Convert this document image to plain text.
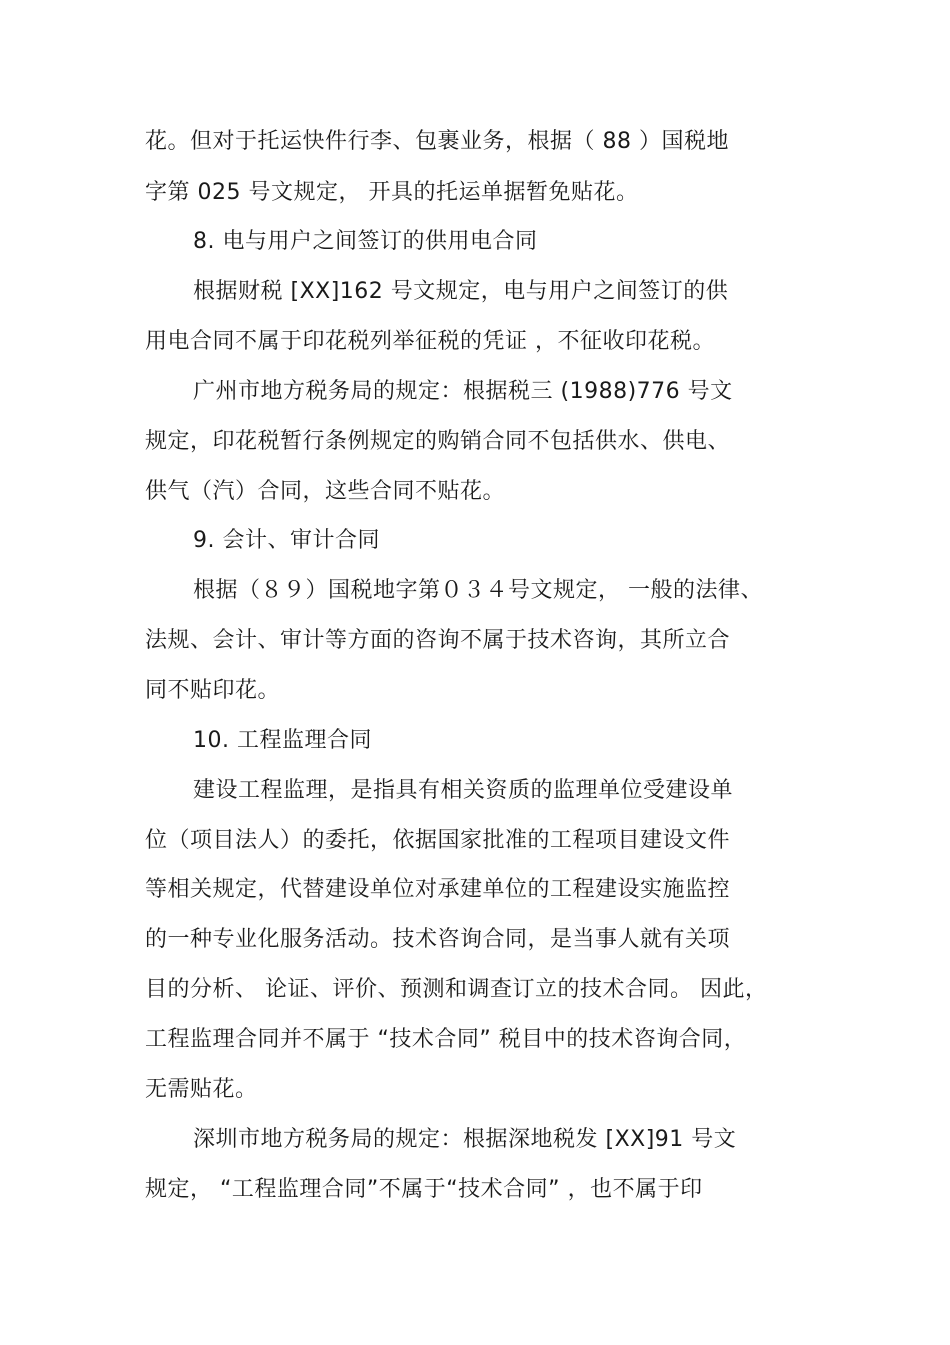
花。但对于托运快件行李、包裹业务，根据（ 88 ）国税地
字第 025 号文规定， 开具的托运单据暂免贴花。
8. 电与用户之间签订的供用电合同
根据财税 [XX]162 号文规定，电与用户之间签订的供
用电合同不属于印花税列举征税的凭证 ，不征收印花税。
广州市地方税务局的规定：根据税三 (1988)776 号文
规定，印花税暂行条例规定的购销合同不包括供水、供电、
供气（汽）合同，这些合同不贴花。
9. 会计、审计合同
根据（８９）国税地字第０３４号文规定， 一般的法律、
法规、会计、审计等方面的咨询不属于技术咨询，其所立合
同不贴印花。
10. 工程监理合同
建设工程监理，是指具有相关资质的监理单位受建设单
位（项目法人）的委托，依据国家批准的工程项目建设文件
等相关规定，代替建设单位对承建单位的工程建设实施监控
的一种专业化服务活动。技术咨询合同，是当事人就有关项
目的分析、 论证、评价、预测和调查订立的技术合同。 因此，
工程监理合同并不属于 “技术合同” 税目中的技术咨询合同，
无需贴花。
深圳市地方税务局的规定：根据深地税发 [XX]91 号文
规定， “工程监理合同”不属于“技术合同” ，也不属于印
